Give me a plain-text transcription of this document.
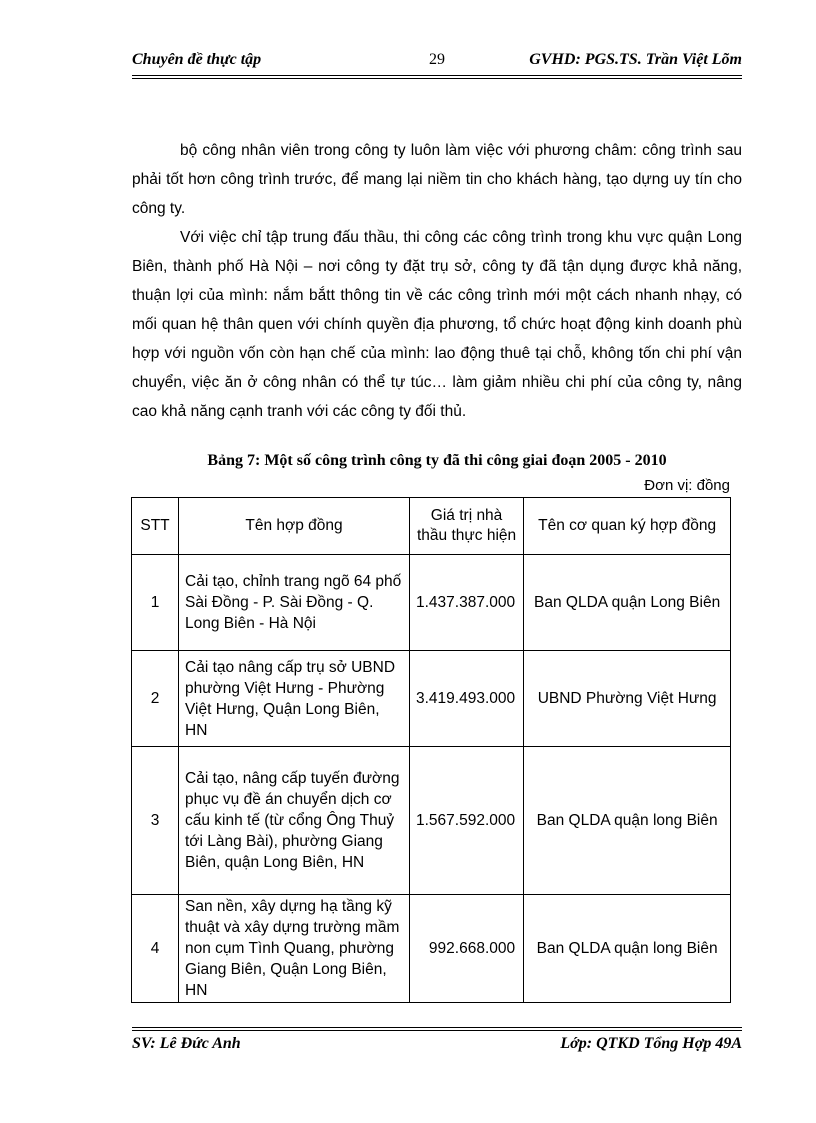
Chuyên đề thực tập	29	GVHD: PGS.TS. Trần Việt Lõm

bộ công nhân viên trong công ty luôn làm việc với phương châm: công trình sau phải tốt hơn công trình trước, để mang lại niềm tin cho khách hàng, tạo dựng uy tín cho công ty.

Với việc chỉ tập trung đấu thầu, thi công các công trình trong khu vực quận Long Biên, thành phố Hà Nội – nơi công ty đặt trụ sở, công ty đã tận dụng được khả năng, thuận lợi của mình: nắm bắtt thông tin về các công trình mới một cách nhanh nhạy, có mối quan hệ thân quen với chính quyền địa phương, tổ chức hoạt động kinh doanh phù hợp với nguồn vốn còn hạn chế của mình: lao động thuê tại chỗ, không tốn chi phí vận chuyển, việc ăn ở công nhân có thể tự túc… làm giảm nhiều chi phí của công ty, nâng cao khả năng cạnh tranh với các công ty đối thủ.

Bảng 7: Một số công trình công ty đã thi công giai đoạn 2005 - 2010
Đơn vị: đồng
STT	Tên hợp đồng	Giá trị nhà thầu thực hiện	Tên cơ quan ký hợp đồng
1	Cải tạo, chỉnh trang ngõ 64 phố Sài Đồng - P. Sài Đồng - Q. Long Biên - Hà Nội	1.437.387.000	Ban QLDA quận Long Biên
2	Cải tạo nâng cấp trụ sở UBND phường Việt Hưng - Phường Việt Hưng, Quận Long Biên, HN	3.419.493.000	UBND Phường Việt Hưng
3	Cải tạo, nâng cấp tuyến đường phục vụ đề án chuyển dịch cơ cấu kinh tế (từ cổng Ông Thuỷ tới Làng Bài), phường Giang Biên, quận Long Biên, HN	1.567.592.000	Ban QLDA quận long Biên
4	San nền, xây dựng hạ tầng kỹ thuật và xây dựng trường mầm non cụm Tình Quang, phường Giang Biên, Quận Long Biên, HN	992.668.000	Ban QLDA quận long Biên
SV: Lê Đức Anh	Lớp: QTKD Tổng Hợp 49A
